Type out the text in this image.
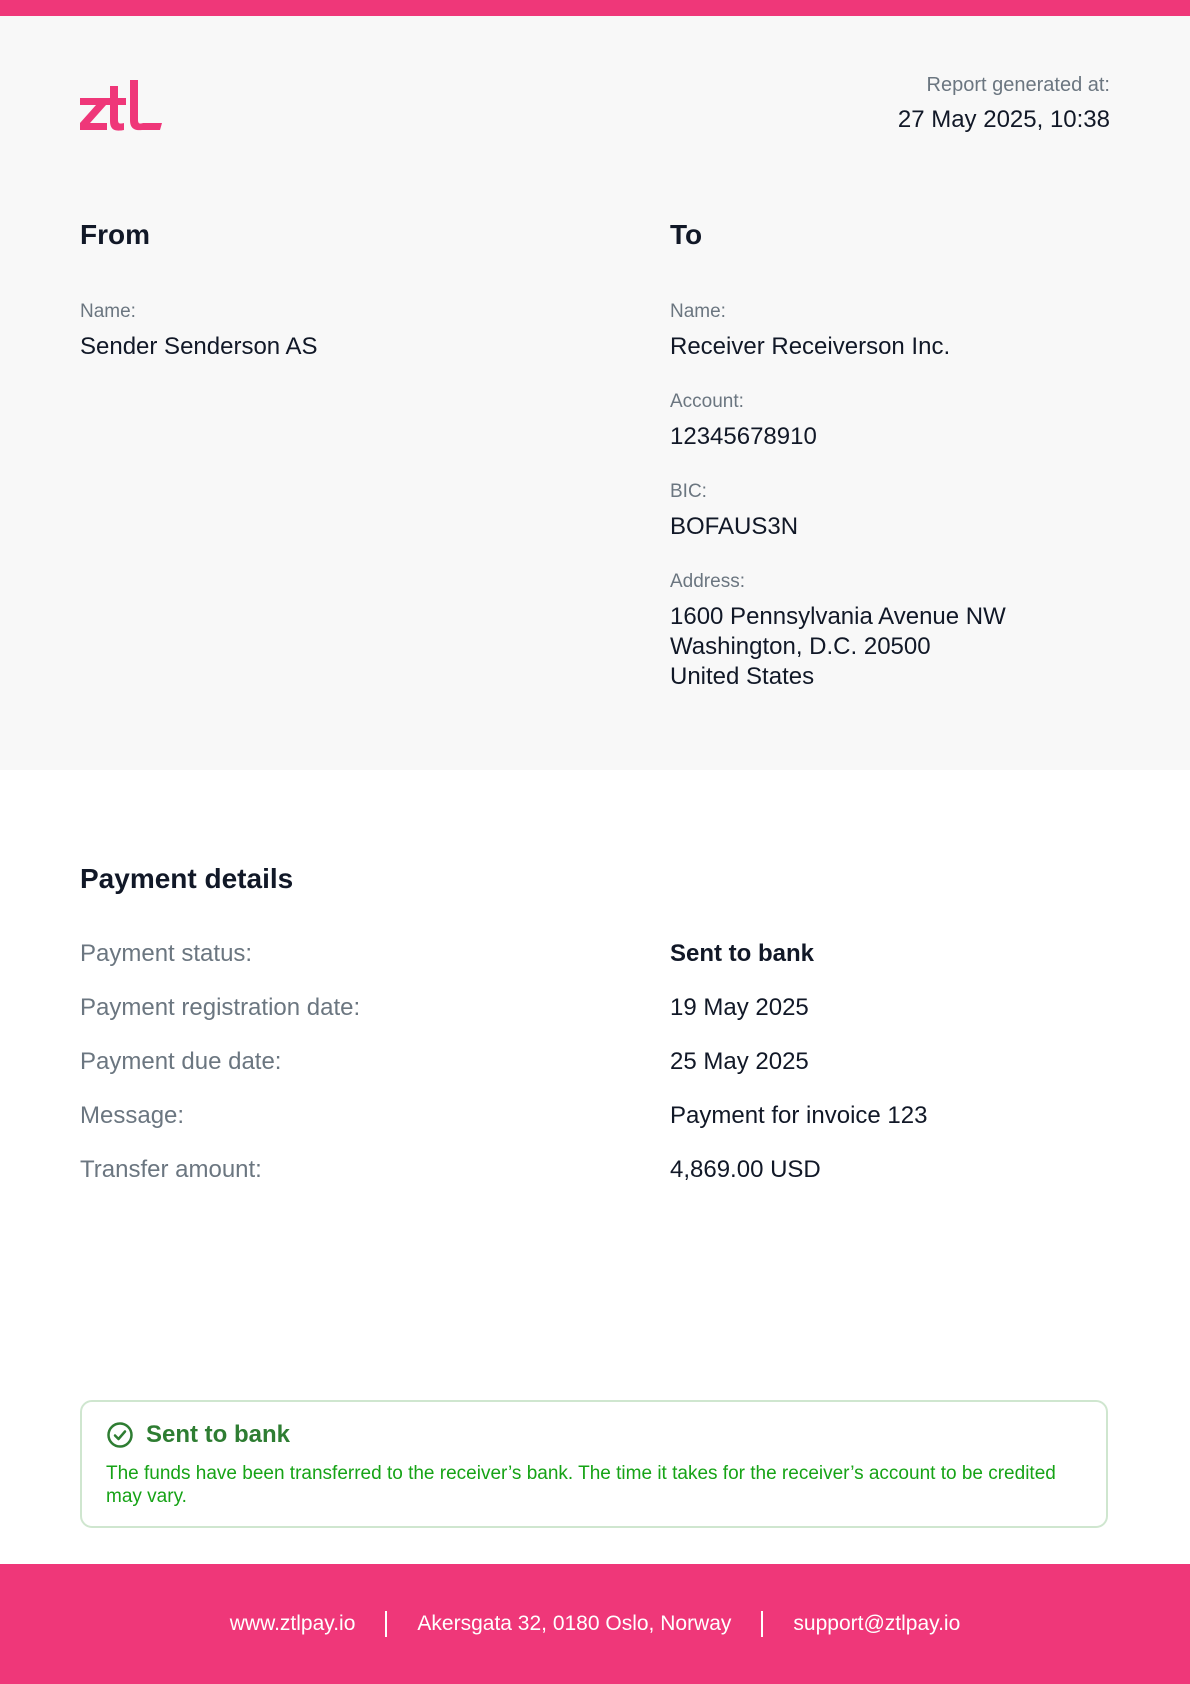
Report generated at:
27 May 2025, 10:38
From
Name:
Sender Senderson AS
To
Name:
Receiver Receiverson Inc.
Account:
12345678910
BIC:
BOFAUS3N
Address:
1600 Pennsylvania Avenue NW
Washington, D.C. 20500
United States
Payment details
Payment status:	Sent to bank
Payment registration date:	19 May 2025
Payment due date:	25 May 2025
Message:	Payment for invoice 123
Transfer amount:	4,869.00 USD
Sent to bank
The funds have been transferred to the receiver’s bank. The time it takes for the receiver’s account to be credited may vary.
www.ztlpay.io	Akersgata 32, 0180 Oslo, Norway	support@ztlpay.io
